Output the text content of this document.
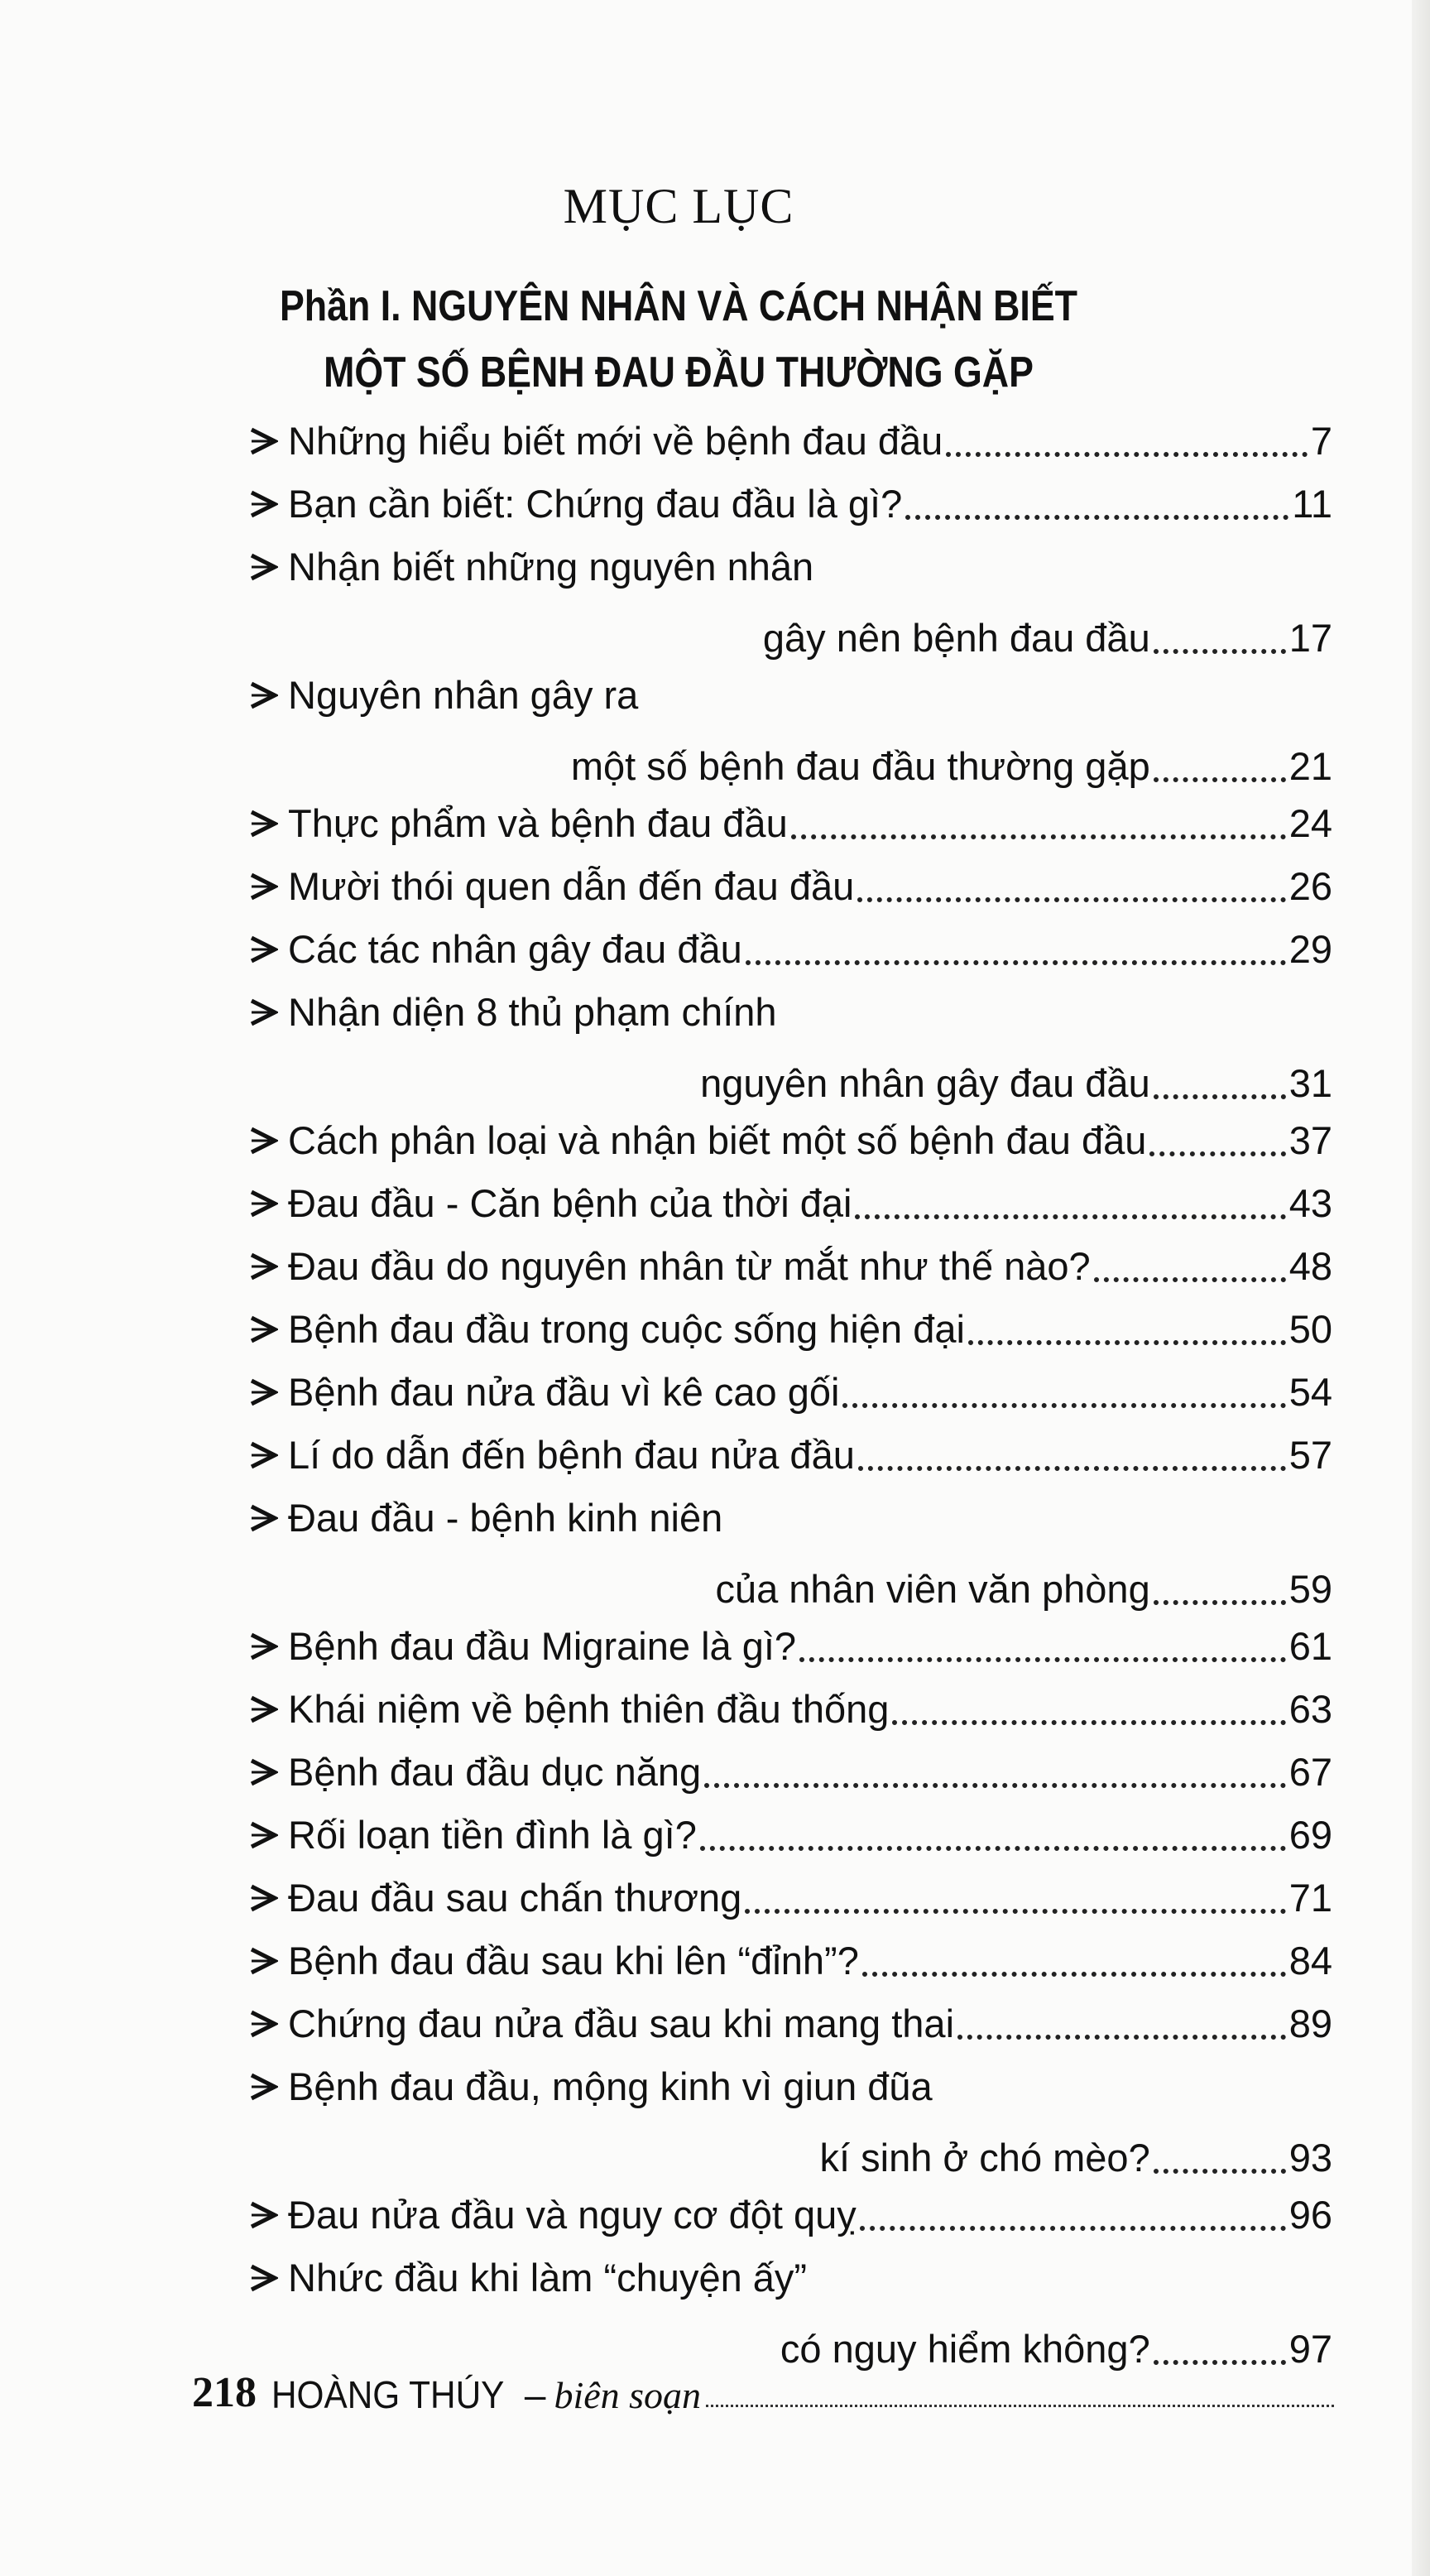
MỤC LỤC
Phần I. NGUYÊN NHÂN VÀ CÁCH NHẬN BIẾT
MỘT SỐ BỆNH ĐAU ĐẦU THƯỜNG GẶP
Những hiểu biết mới về bệnh đau đầu	7
Bạn cần biết: Chứng đau đầu là gì?	11
Nhận biết những nguyên nhân
gây nên bệnh đau đầu	17
Nguyên nhân gây ra
một số bệnh đau đầu thường gặp	21
Thực phẩm và bệnh đau đầu	24
Mười thói quen dẫn đến đau đầu	26
Các tác nhân gây đau đầu	29
Nhận diện 8 thủ phạm chính
nguyên nhân gây đau đầu	31
Cách phân loại và nhận biết một số bệnh đau đầu	37
Đau đầu - Căn bệnh của thời đại	43
Đau đầu do nguyên nhân từ mắt như thế nào?	48
Bệnh đau đầu trong cuộc sống hiện đại	50
Bệnh đau nửa đầu vì kê cao gối	54
Lí do dẫn đến bệnh đau nửa đầu	57
Đau đầu - bệnh kinh niên
của nhân viên văn phòng	59
Bệnh đau đầu Migraine là gì?	61
Khái niệm về bệnh thiên đầu thống	63
Bệnh đau đầu dục năng	67
Rối loạn tiền đình là gì?	69
Đau đầu sau chấn thương	71
Bệnh đau đầu sau khi lên “đỉnh”?	84
Chứng đau nửa đầu sau khi mang thai	89
Bệnh đau đầu, mộng kinh vì giun đũa
kí sinh ở chó mèo?	93
Đau nửa đầu và nguy cơ đột quỵ	96
Nhức đầu khi làm “chuyện ấy”
có nguy hiểm không?	97
218 HOÀNG THÚY – biên soạn
